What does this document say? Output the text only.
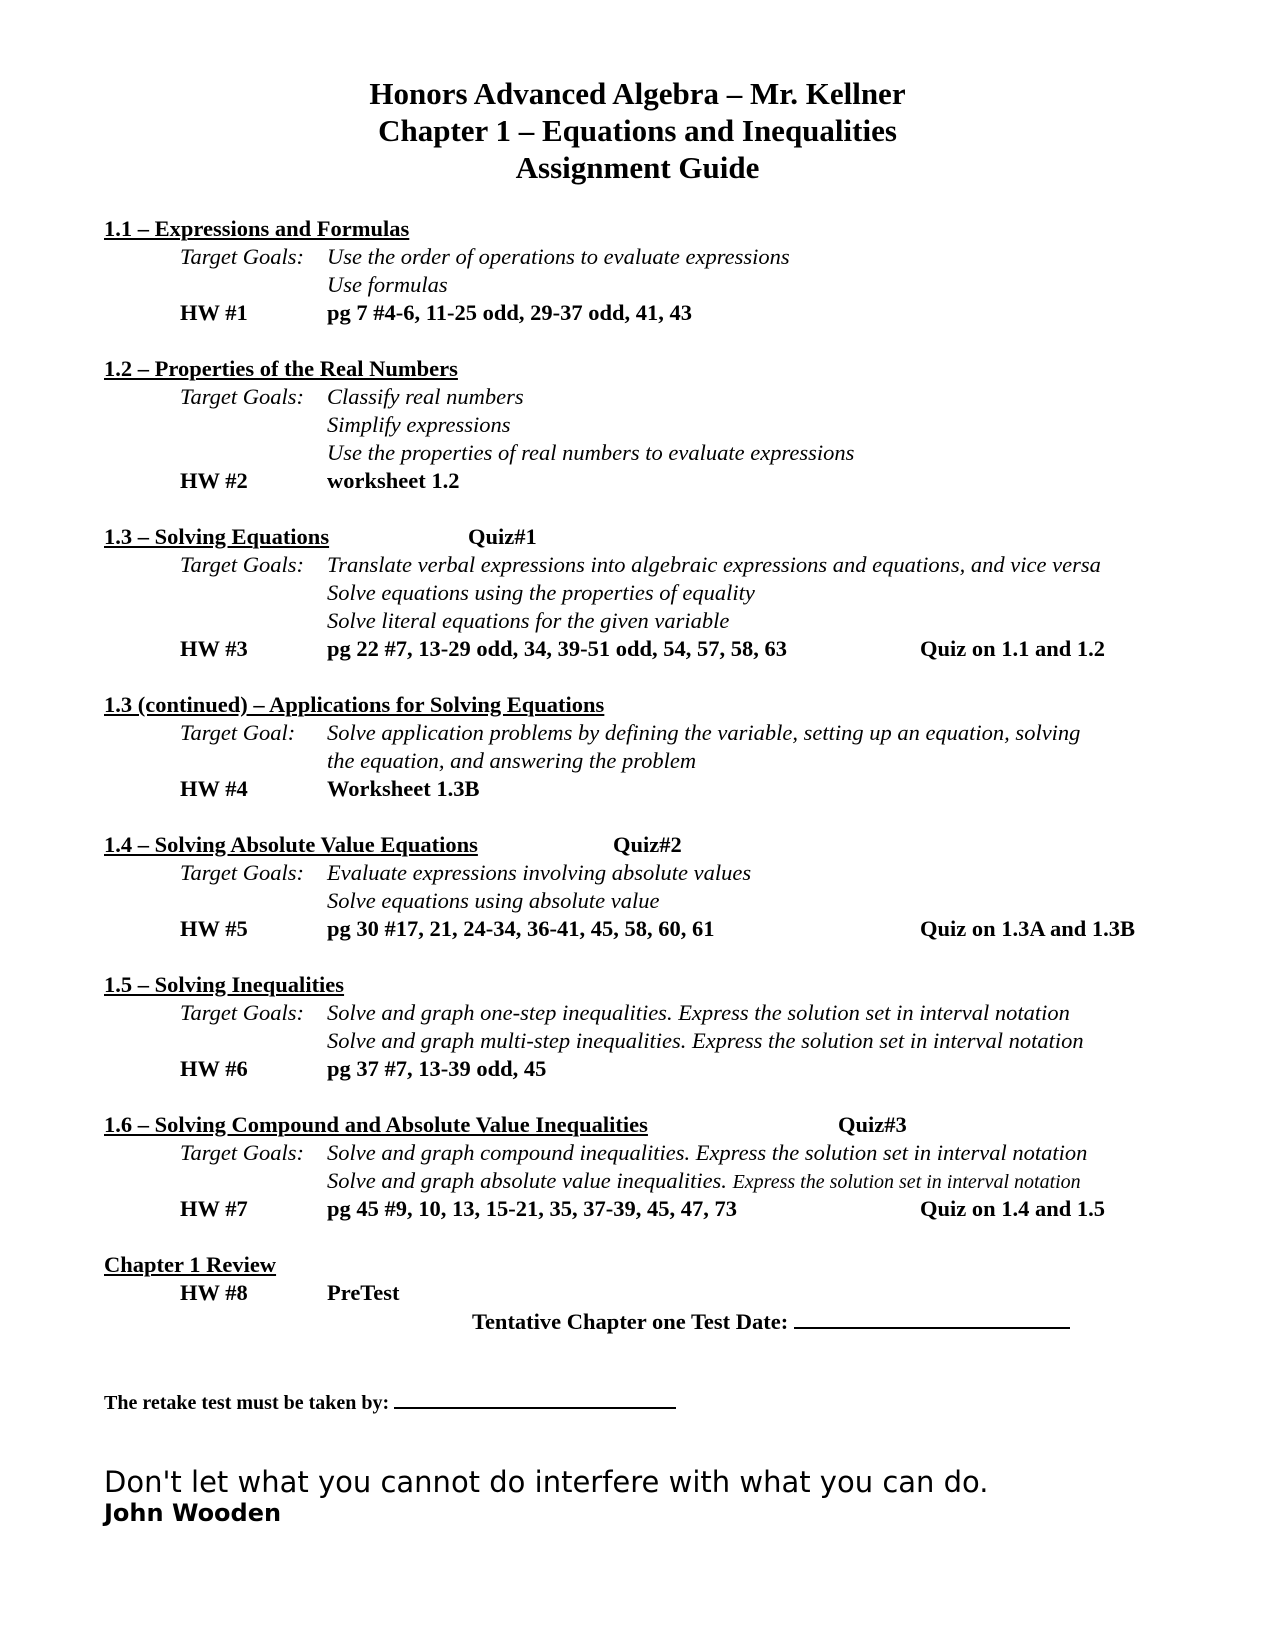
Honors Advanced Algebra – Mr. Kellner
Chapter 1 – Equations and Inequalities
Assignment Guide
1.1 – Expressions and Formulas
Target Goals: Use the order of operations to evaluate expressions
Use formulas
HW #1	pg 7 #4-6, 11-25 odd, 29-37 odd, 41, 43
1.2 – Properties of the Real Numbers
Target Goals: Classify real numbers
Simplify expressions
Use the properties of real numbers to evaluate expressions
HW #2	worksheet 1.2
1.3 – Solving Equations	Quiz#1
Target Goals: Translate verbal expressions into algebraic expressions and equations, and vice versa
Solve equations using the properties of equality
Solve literal equations for the given variable
HW #3	pg 22 #7, 13-29 odd, 34, 39-51 odd, 54, 57, 58, 63	Quiz on 1.1 and 1.2
1.3 (continued) – Applications for Solving Equations
Target Goal: Solve application problems by defining the variable, setting up an equation, solving
the equation, and answering the problem
HW #4	Worksheet 1.3B
1.4 – Solving Absolute Value Equations	Quiz#2
Target Goals: Evaluate expressions involving absolute values
Solve equations using absolute value
HW #5	pg 30 #17, 21, 24-34, 36-41, 45, 58, 60, 61	Quiz on 1.3A and 1.3B
1.5 – Solving Inequalities
Target Goals: Solve and graph one-step inequalities. Express the solution set in interval notation
Solve and graph multi-step inequalities. Express the solution set in interval notation
HW #6	pg 37 #7, 13-39 odd, 45
1.6 – Solving Compound and Absolute Value Inequalities	Quiz#3
Target Goals: Solve and graph compound inequalities. Express the solution set in interval notation
Solve and graph absolute value inequalities. Express the solution set in interval notation
HW #7	pg 45 #9, 10, 13, 15-21, 35, 37-39, 45, 47, 73	Quiz on 1.4 and 1.5
Chapter 1 Review
HW #8	PreTest
Tentative Chapter one Test Date:
The retake test must be taken by:
Don't let what you cannot do interfere with what you can do.
John Wooden
